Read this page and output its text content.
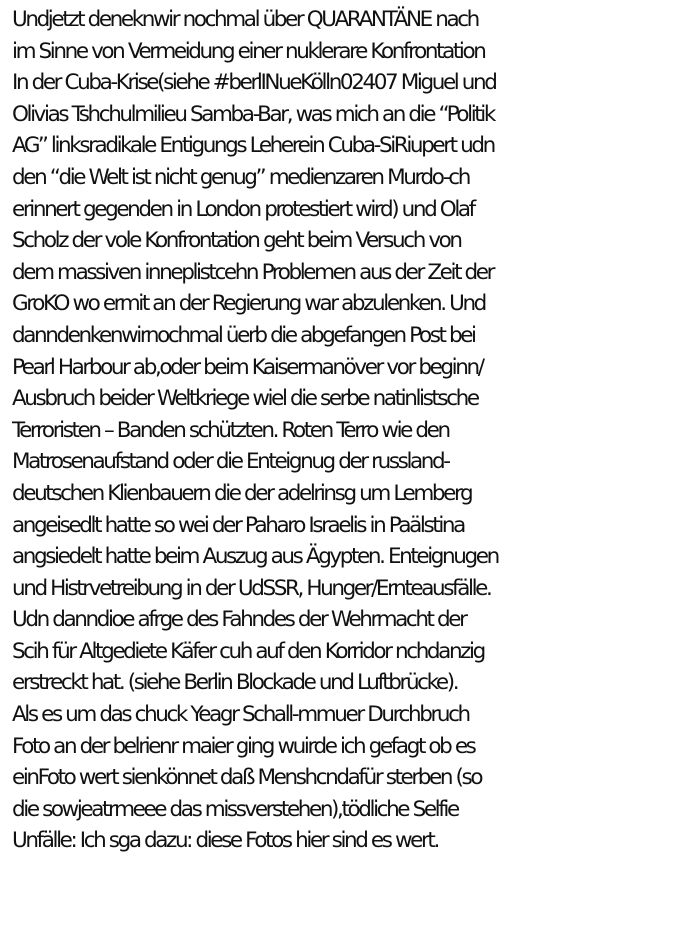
Undjetzt deneknwir nochmal über QUARANTÄNE nach
im Sinne von Vermeidung einer nuklerare Konfrontation
In der Cuba-Krise(siehe #berlINueKölln02407 Miguel und
Olivias Tshchulmilieu Samba-Bar, was mich an die “Politik
AG” linksradikale Entigungs Leherein Cuba-SiRiupert udn
den “die Welt ist nicht genug” medienzaren Murdo-ch
erinnert gegenden in London protestiert wird) und Olaf
Scholz der vole Konfrontation geht beim Versuch von
dem massiven inneplistcehn Problemen aus der Zeit der
GroKO wo ermit an der Regierung war abzulenken. Und
danndenkenwirnochmal üerb die abgefangen Post bei
Pearl Harbour ab,oder beim Kaisermanöver vor beginn/
Ausbruch beider Weltkriege wiel die serbe natinlistsche
Terroristen – Banden schützten. Roten Terro wie den
Matrosenaufstand oder die Enteignug der russland-
deutschen Klienbauern die der adelrinsg um Lemberg
angeisedlt hatte so wei der Paharo Israelis in Paälstina
angsiedelt hatte beim Auszug aus Ägypten. Enteignugen
und Histrvetreibung in der UdSSR, Hunger/Ernteausfälle.
Udn danndioe afrge des Fahndes der Wehrmacht der
Scih für Altgediete Käfer cuh auf den Korridor nchdanzig
erstreckt hat. (siehe Berlin Blockade und Luftbrücke).
Als es um das chuck Yeagr Schall-mmuer Durchbruch
Foto an der belrienr maier ging wuirde ich gefagt ob es
einFoto wert sienkönnet daß Menshcndafür sterben (so
die sowjeatrmeee das missverstehen),tödliche Selfie
Unfälle: Ich sga dazu: diese Fotos hier sind es wert.
